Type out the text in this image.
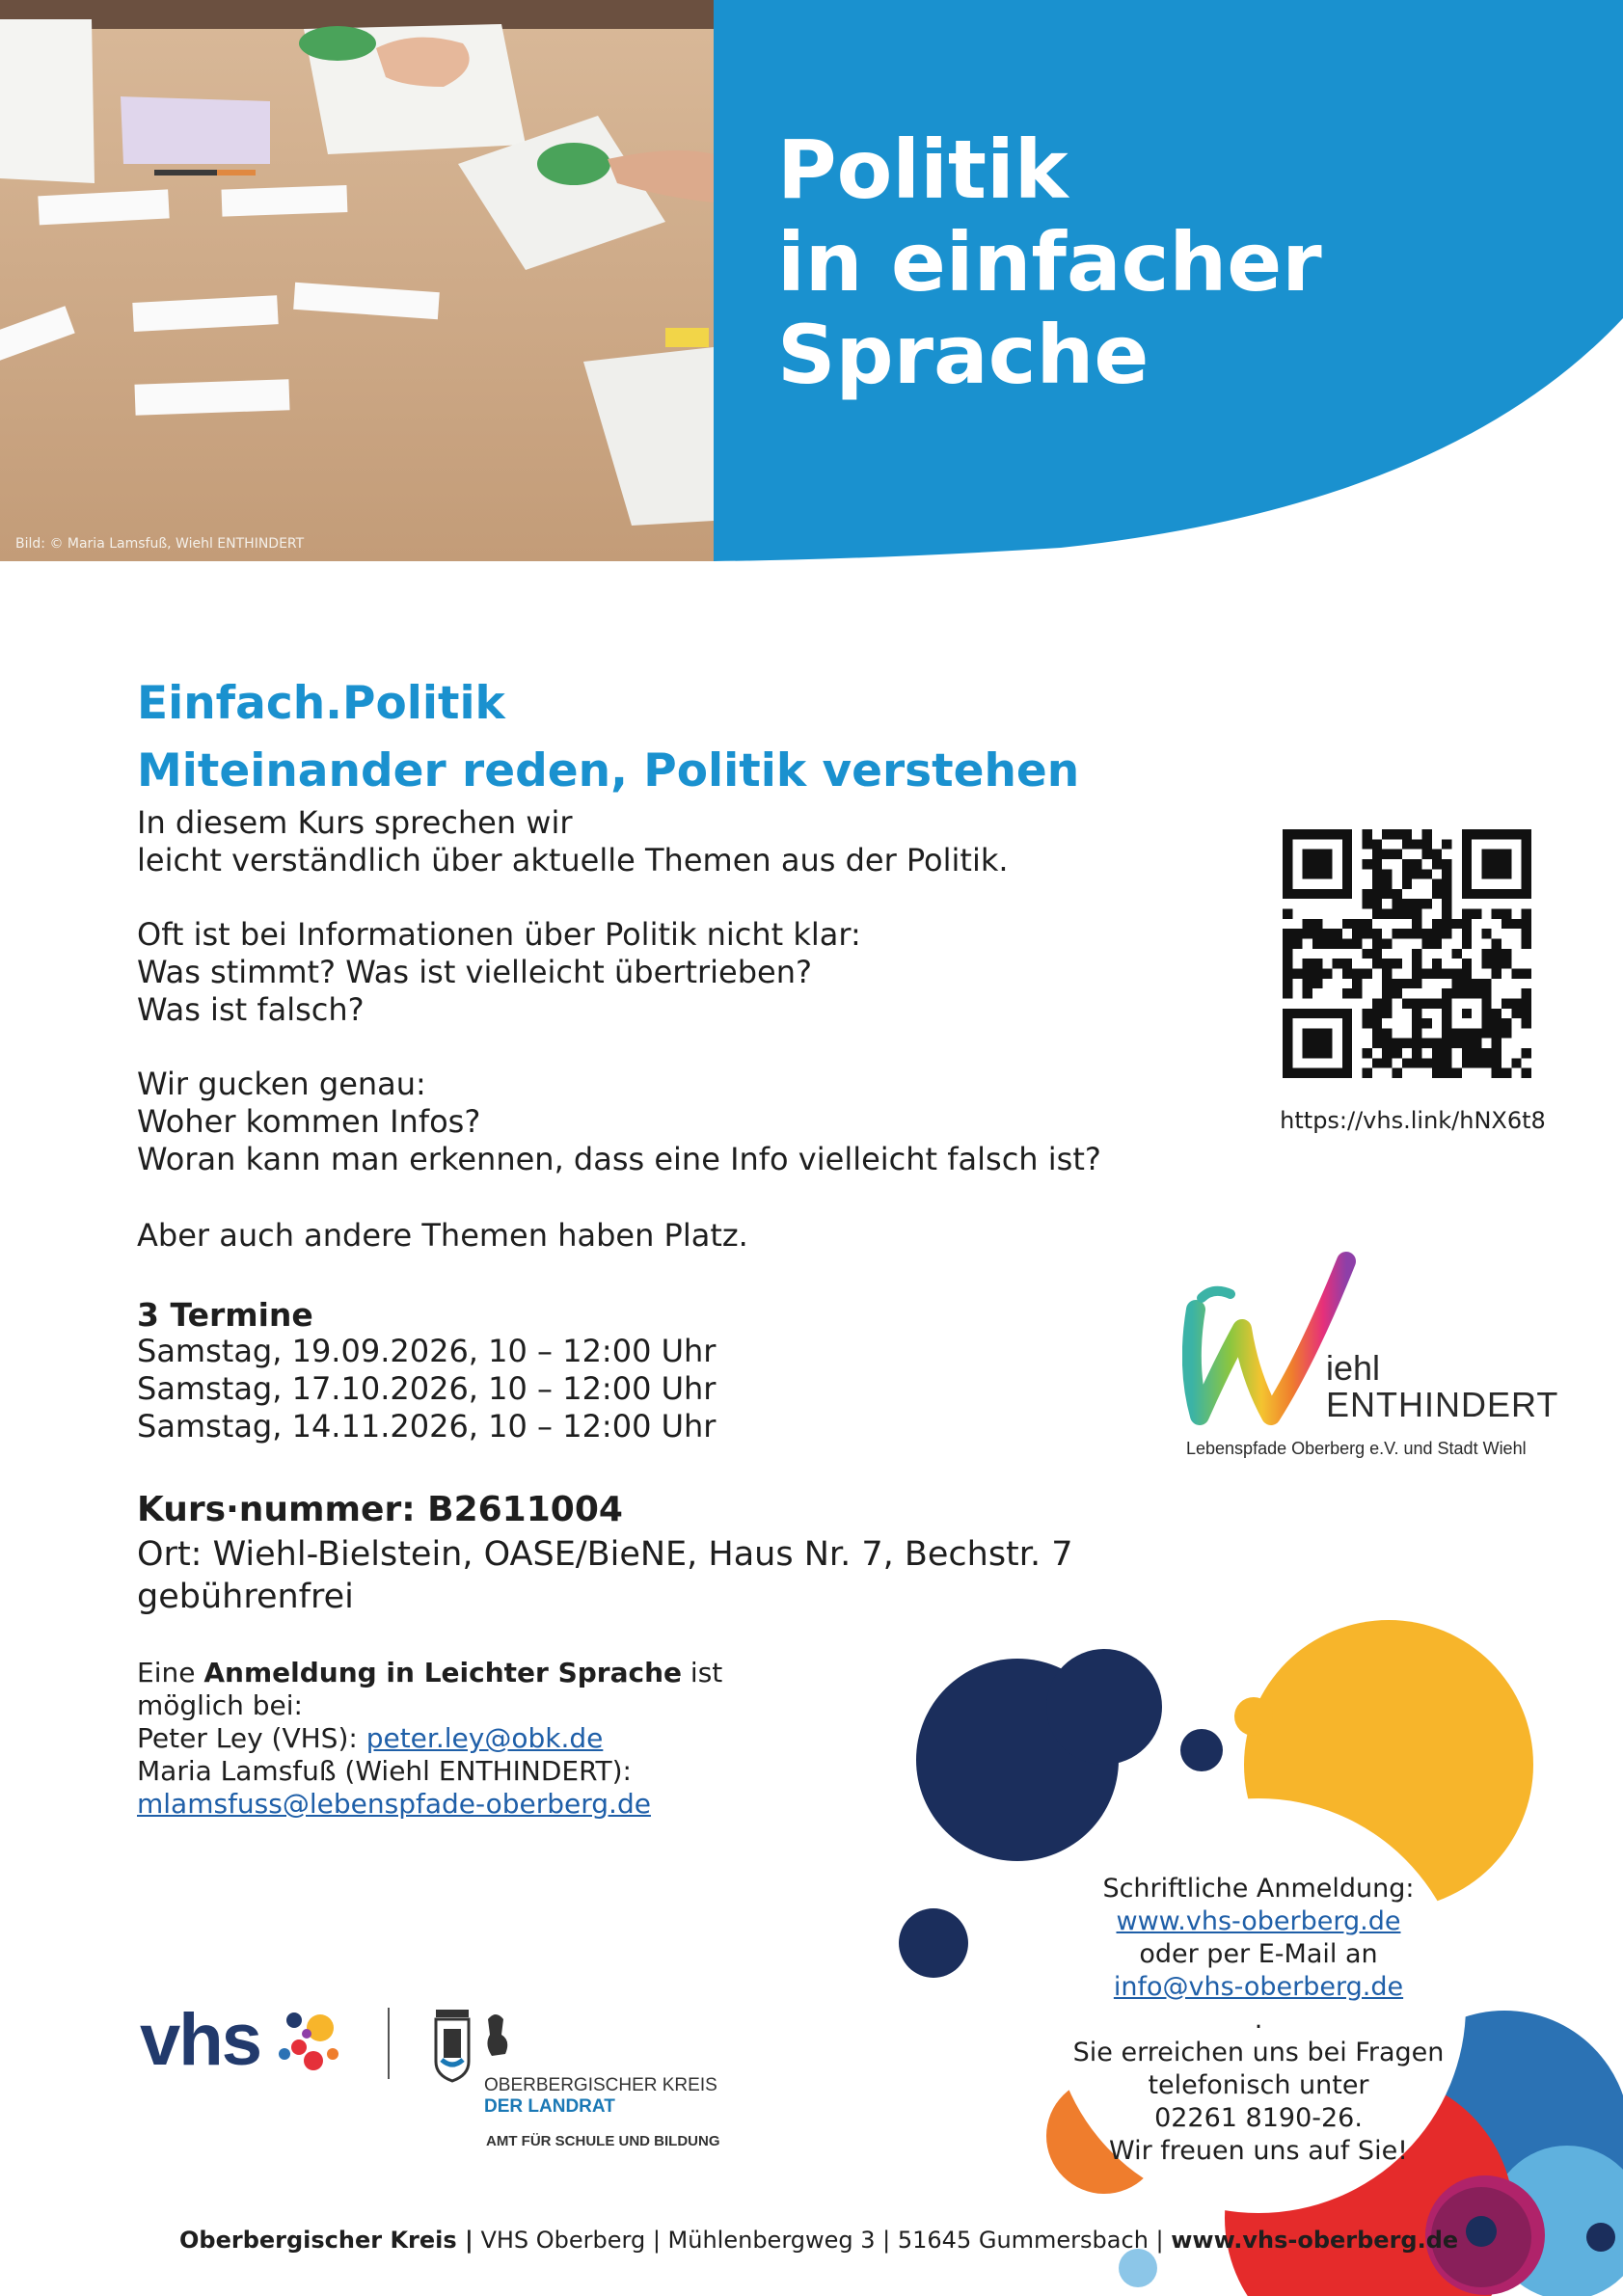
Bild: © Maria Lamsfuß, Wiehl ENTHINDERT
Politik
in einfacher
Sprache
Einfach.Politik
Miteinander reden, Politik verstehen

In diesem Kurs sprechen wir
leicht verständlich über aktuelle Themen aus der Politik.

Oft ist bei Informationen über Politik nicht klar:
Was stimmt? Was ist vielleicht übertrieben?
Was ist falsch?

Wir gucken genau:
Woher kommen Infos?
Woran kann man erkennen, dass eine Info vielleicht falsch ist?

Aber auch andere Themen haben Platz.

3 Termine
Samstag, 19.09.2026, 10 – 12:00 Uhr
Samstag, 17.10.2026, 10 – 12:00 Uhr
Samstag, 14.11.2026, 10 – 12:00 Uhr
Kurs·nummer: B2611004
Ort: Wiehl-Bielstein, OASE/BieNE, Haus Nr. 7, Bechstr. 7
gebührenfrei
Eine Anmeldung in Leichter Sprache ist
möglich bei:
Peter Ley (VHS): peter.ley@obk.de
Maria Lamsfuß (Wiehl ENTHINDERT):
mlamsfuss@lebenspfade-oberberg.de
https://vhs.link/hNX6t8
iehl
ENTHINDERT
Lebenspfade Oberberg e.V. und Stadt Wiehl
Schriftliche Anmeldung:
www.vhs-oberberg.de
oder per E-Mail an
info@vhs-oberberg.de
.
Sie erreichen uns bei Fragen
telefonisch unter
02261 8190-26.
Wir freuen uns auf Sie!
vhs
OBERBERGISCHER KREIS
DER LANDRAT
AMT FÜR SCHULE UND BILDUNG
Oberbergischer Kreis | VHS Oberberg | Mühlenbergweg 3 | 51645 Gummersbach | www.vhs-oberberg.de
